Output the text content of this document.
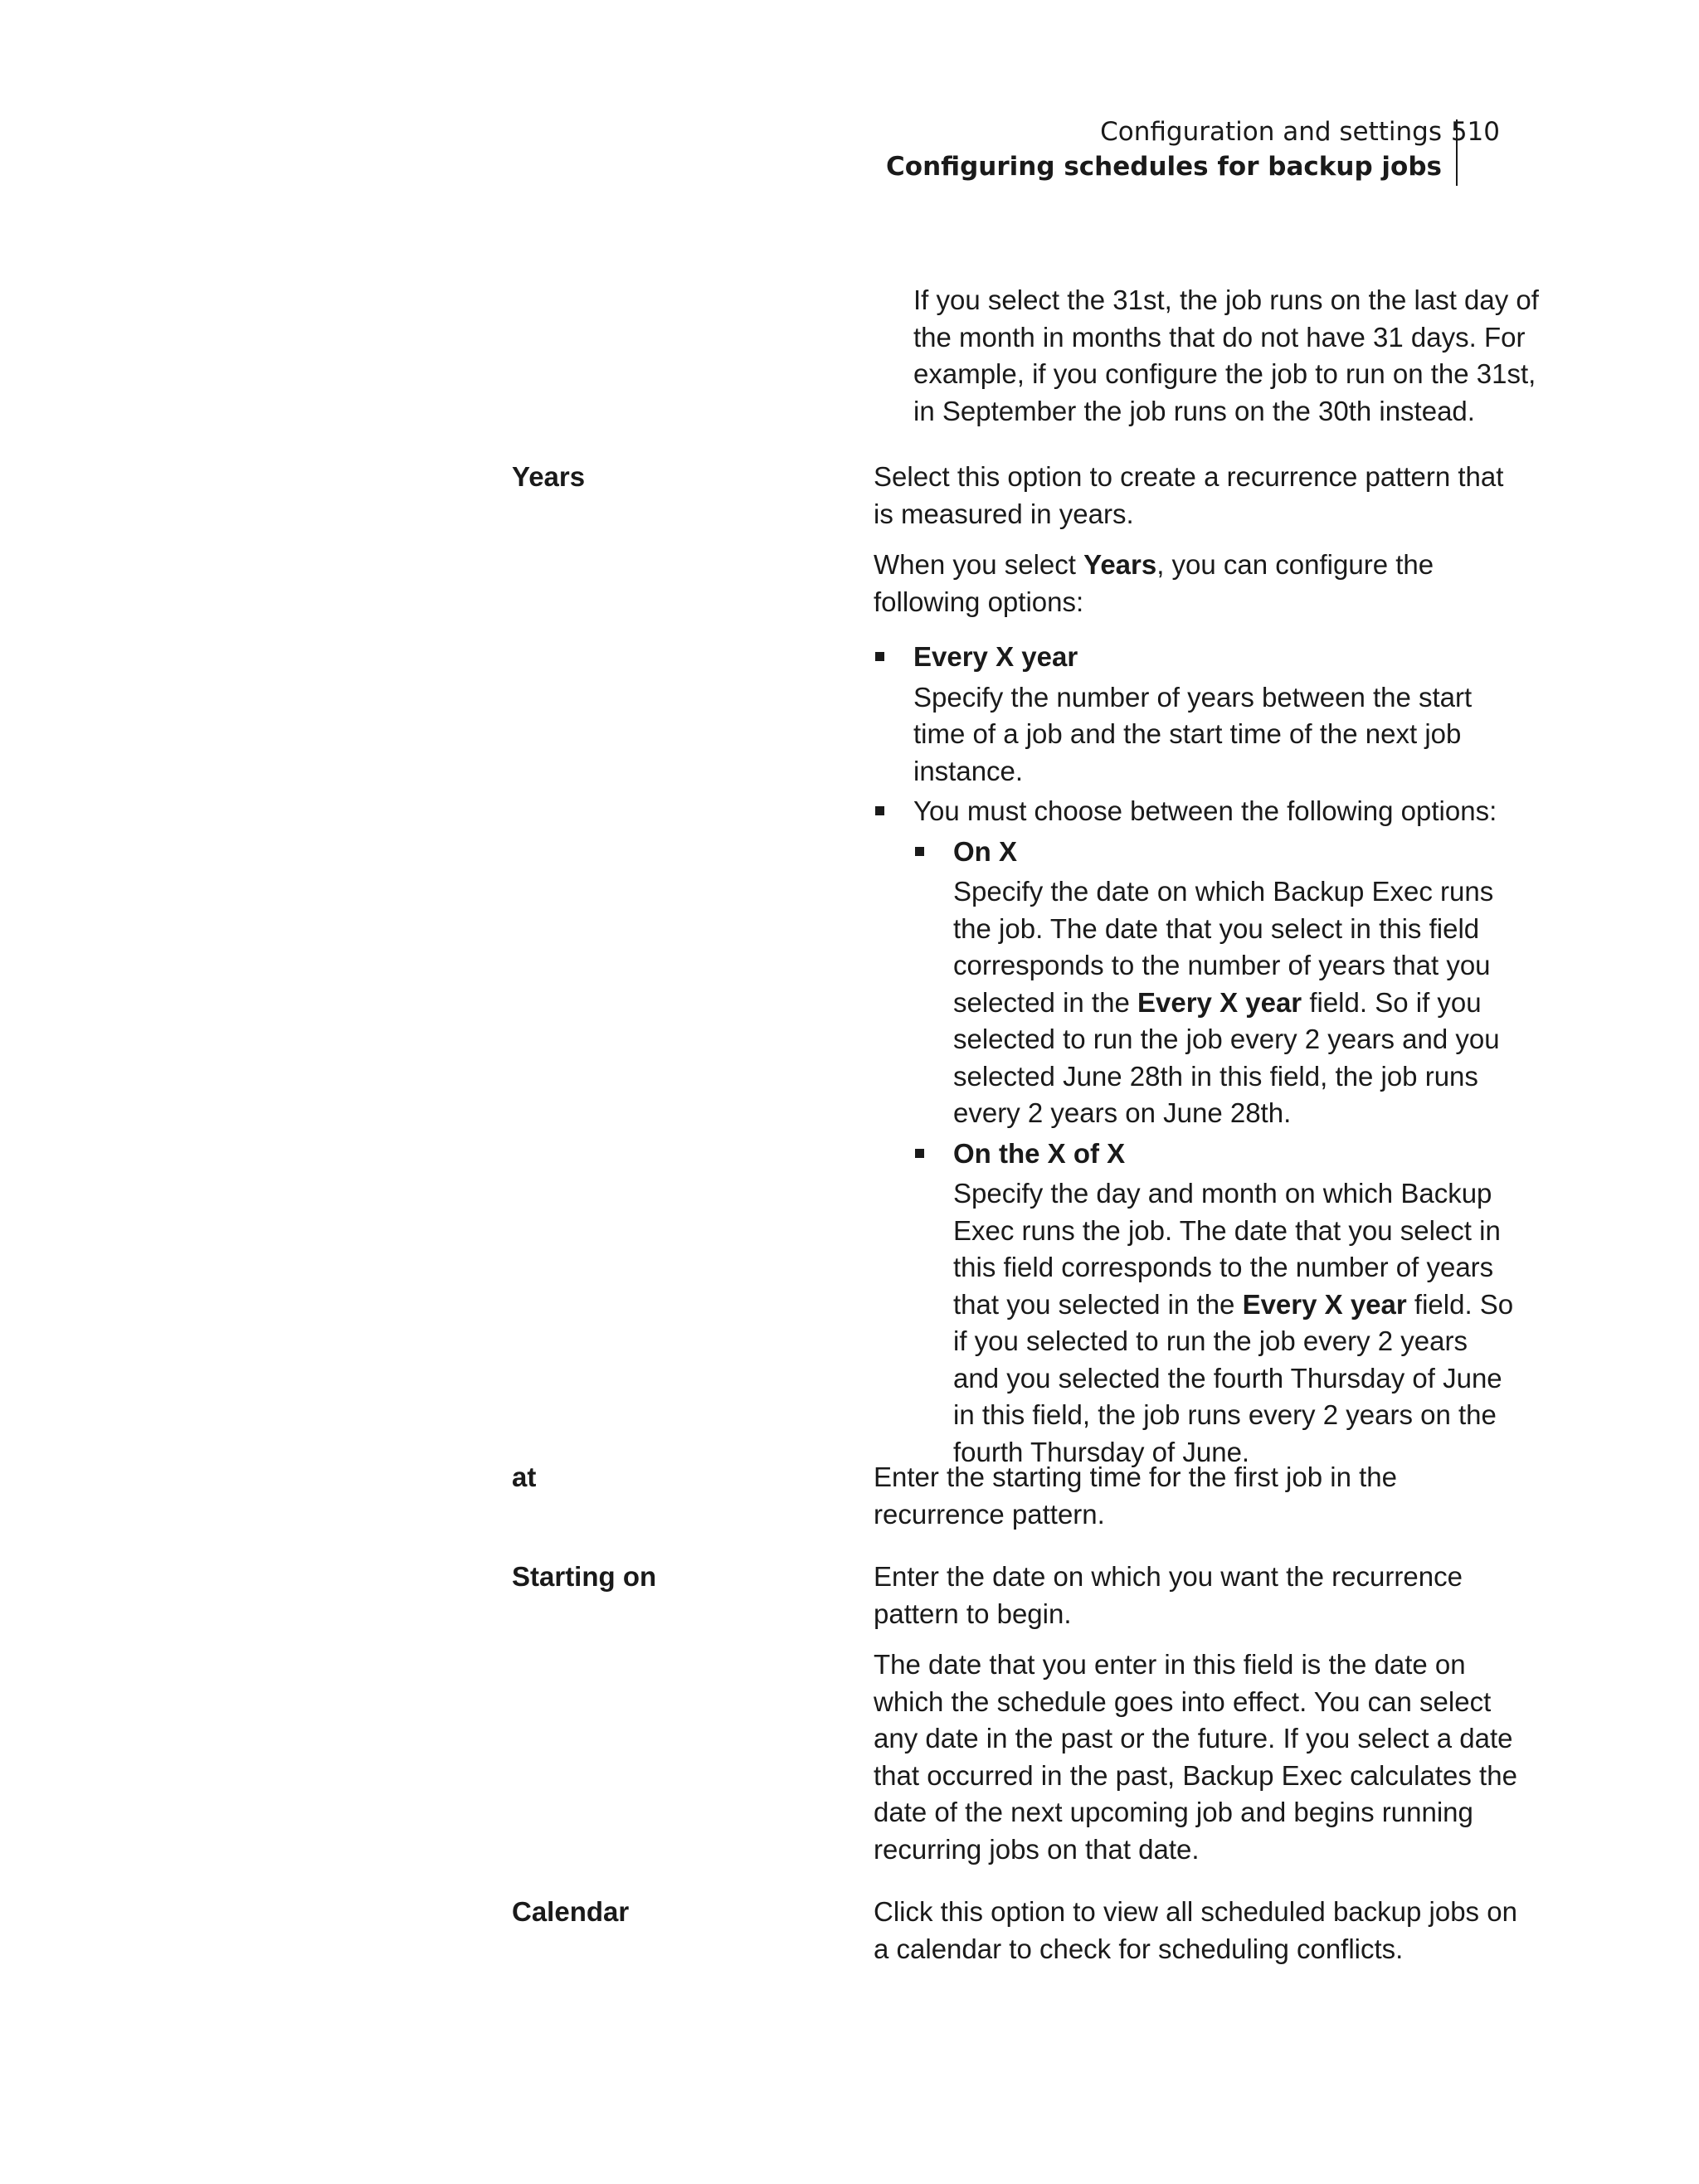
Configuration and settings
Configuring schedules for backup jobs
510
If you select the 31st, the job runs on the last day of the month in months that do not have 31 days. For example, if you configure the job to run on the 31st, in September the job runs on the 30th instead.
Years	Select this option to create a recurrence pattern that is measured in years.

When you select Years, you can configure the following options:

Every X year
Specify the number of years between the start time of a job and the start time of the next job instance.
You must choose between the following options:
On X
Specify the date on which Backup Exec runs the job. The date that you select in this field corresponds to the number of years that you selected in the Every X year field. So if you selected to run the job every 2 years and you selected June 28th in this field, the job runs every 2 years on June 28th.
On the X of X
Specify the day and month on which Backup Exec runs the job. The date that you select in this field corresponds to the number of years that you selected in the Every X year field. So if you selected to run the job every 2 years and you selected the fourth Thursday of June in this field, the job runs every 2 years on the fourth Thursday of June.
at	Enter the starting time for the first job in the recurrence pattern.

Starting on	Enter the date on which you want the recurrence pattern to begin.

The date that you enter in this field is the date on which the schedule goes into effect. You can select any date in the past or the future. If you select a date that occurred in the past, Backup Exec calculates the date of the next upcoming job and begins running recurring jobs on that date.

Calendar	Click this option to view all scheduled backup jobs on a calendar to check for scheduling conflicts.
